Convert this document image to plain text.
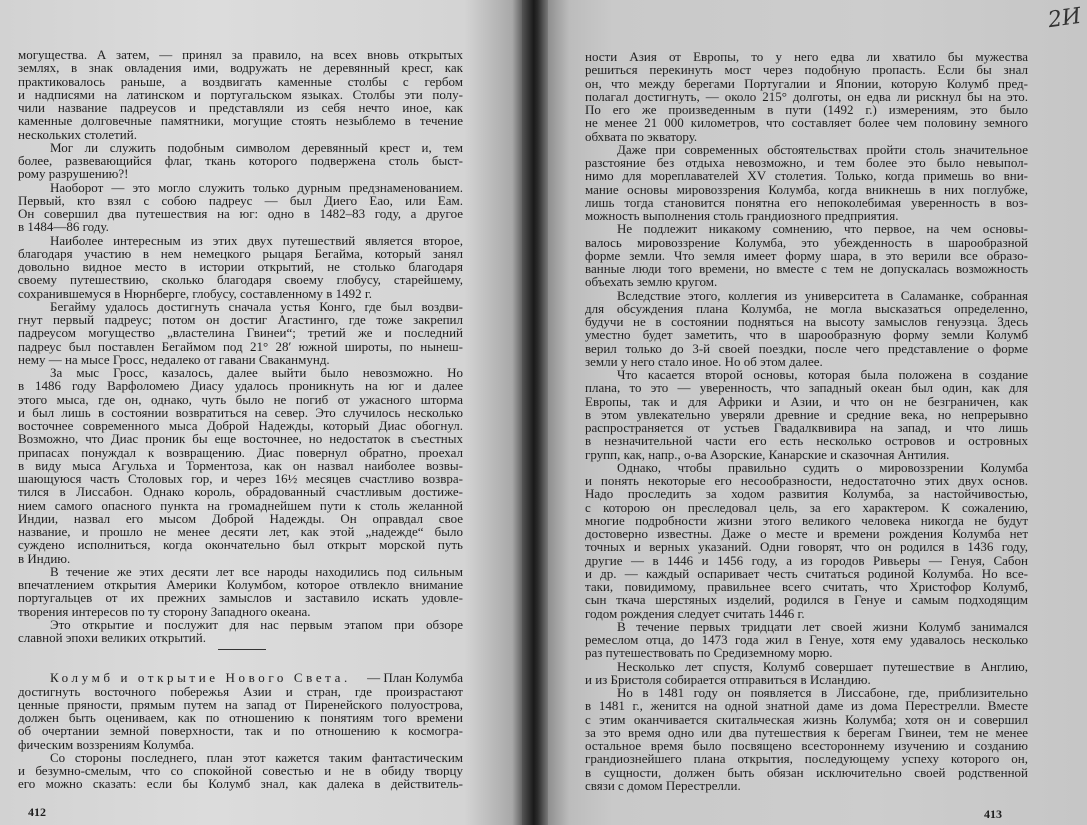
могущества. А затем, — принял за правило, на всех вновь открытых
землях, в знак овладения ими, водружать не деревянный кресг, как
практиковалось раньше, а воздвигать каменные столбы с гербом
и надписями на латинском и португальском языках. Столбы эти полу-
чили название падреусов и представляли из себя нечто иное, как
каменные долговечные памятники, могущие стоять незыблемо в течение
нескольких столетий.
Мог ли служить подобным символом деревянный крест и, тем
более, развевающийся флаг, ткань которого подвержена столь быст-
рому разрушению?!
Наоборот — это могло служить только дурным предзнаменованием.
Первый, кто взял с собою падреус — был Диего Еао, или Еам.
Он совершил два путешествия на юг: одно в 1482–83 году, а другое
в 1484—86 году.
Наиболее интересным из этих двух путешествий является второе,
благодаря участию в нем немецкого рыцаря Бегайма, который занял
довольно видное место в истории открытий, не столько благодаря
своему путешествию, сколько благодаря своему глобусу, старейшему,
сохранившемуся в Нюрнберге, глобусу, составленному в 1492 г.
Бегайму удалось достигнуть сначала устья Конго, где был воздви-
гнут первый падреус; потом он достиг Агастинго, где тоже закрепил
падреусом могущество „властелина Гвинеи“; третий же и последний
падреус был поставлен Бегаймом под 21° 28′ южной широты, по нынеш-
нему — на мысе Гросс, недалеко от гавани Сваканмунд.
За мыс Гросс, казалось, далее выйти было невозможно. Но
в 1486 году Варфоломею Диасу удалось проникнуть на юг и далее
этого мыса, где он, однако, чуть было не погиб от ужасного шторма
и был лишь в состоянии возвратиться на север. Это случилось несколько
восточнее современного мыса Доброй Надежды, который Диас обогнул.
Возможно, что Диас проник бы еще восточнее, но недостаток в съестных
припасах понуждал к возвращению. Диас повернул обратно, проехал
в виду мыса Агульха и Торментоза, как он назвал наиболее возвы-
шающуюся часть Столовых гор, и через 16½ месяцев счастливо возвра-
тился в Лиссабон. Однако король, обрадованный счастливым достиже-
нием самого опасного пункта на громаднейшем пути к столь желанной
Индии, назвал его мысом Доброй Надежды. Он оправдал свое
название, и прошло не менее десяти лет, как этой „надежде“ было
суждено исполниться, когда окончательно был открыт морской путь
в Индию.
В течение же этих десяти лет все народы находились под сильным
впечатлением открытия Америки Колумбом, которое отвлекло внимание
португальцев от их прежних замыслов и заставило искать удовле-
творения интересов по ту сторону Западного океана.
Это открытие и послужит для нас первым этапом при обзоре
славной эпохи великих открытий.
Колумб и открытие Нового Света. — План Колумба
достигнуть восточного побережья Азии и стран, где произрастают
ценные пряности, прямым путем на запад от Пиренейского полуострова,
должен быть оцениваем, как по отношению к понятиям того времени
об очертании земной поверхности, так и по отношению к космогра-
фическим воззрениям Колумба.
Со стороны последнего, план этот кажется таким фантастическим
и безумно-смелым, что со спокойной совестью и не в обиду творцу
его можно сказать: если бы Колумб знал, как далека в действитель-
412
ности Азия от Европы, то у него едва ли хватило бы мужества
решиться перекинуть мост через подобную пропасть. Если бы знал
он, что между берегами Португалии и Японии, которую Колумб пред-
полагал достигнуть, — около 215° долготы, он едва ли рискнул бы на это.
По его же произведенным в пути (1492 г.) измерениям, это было
не менее 21 000 километров, что составляет более чем половину земного
обхвата по экватору.
Даже при современных обстоятельствах пройти столь значительное
разстояние без отдыха невозможно, и тем более это было невыпол-
нимо для мореплавателей XV столетия. Только, когда примешь во вни-
мание основы мировоззрения Колумба, когда вникнешь в них поглубже,
лишь тогда становится понятна его непоколебимая уверенность в воз-
можность выполнения столь грандиозного предприятия.
Не подлежит никакому сомнению, что первое, на чем основы-
валось мировоззрение Колумба, это убежденность в шарообразной
форме земли. Что земля имеет форму шара, в это верили все образо-
ванные люди того времени, но вместе с тем не допускалась возможность
объехать землю кругом.
Вследствие этого, коллегия из университета в Саламанке, собранная
для обсуждения плана Колумба, не могла высказаться определенно,
будучи не в состоянии подняться на высоту замыслов генуэзца. Здесь
уместно будет заметить, что в шарообразную форму земли Колумб
верил только до 3-й своей поездки, после чего представление о форме
земли у него стало иное. Но об этом далее.
Что касается второй основы, которая была положена в создание
плана, то это — уверенность, что западный океан был один, как для
Европы, так и для Африки и Азии, и что он не безграничен, как
в этом увлекательно уверяли древние и средние века, но непрерывно
распространяется от устьев Гвадалквивира на запад, и что лишь
в незначительной части его есть несколько островов и островных
групп, как, напр., о-ва Азорские, Канарские и сказочная Антилия.
Однако, чтобы правильно судить о мировоззрении Колумба
и понять некоторые его несообразности, недостаточно этих двух основ.
Надо проследить за ходом развития Колумба, за настойчивостью,
с которою он преследовал цель, за его характером. К сожалению,
многие подробности жизни этого великого человека никогда не будут
достоверно известны. Даже о месте и времени рождения Колумба нет
точных и верных указаний. Одни говорят, что он родился в 1436 году,
другие — в 1446 и 1456 году, а из городов Ривьеры — Генуя, Сабон
и др. — каждый оспаривает честь считаться родиной Колумба. Но все-
таки, повидимому, правильнее всего считать, что Христофор Колумб,
сын ткача шерстяных изделий, родился в Генуе и самым подходящим
годом рождения следует считать 1446 г.
В течение первых тридцати лет своей жизни Колумб занимался
ремеслом отца, до 1473 года жил в Генуе, хотя ему удавалось несколько
раз путешествовать по Средиземному морю.
Несколько лет спустя, Колумб совершает путешествие в Англию,
и из Бристоля собирается отправиться в Исландию.
Но в 1481 году он появляется в Лиссабоне, где, приблизительно
в 1481 г., женится на одной знатной даме из дома Перестрелли. Вместе
с этим оканчивается скитальческая жизнь Колумба; хотя он и совершил
за это время одно или два путешествия к берегам Гвинеи, тем не менее
остальное время было посвящено всестороннему изучению и созданию
грандиознейшего плана открытия, последующему успеху которого он,
в сущности, должен быть обязан исключительно своей родственной
связи с домом Перестрелли.
413
2И
